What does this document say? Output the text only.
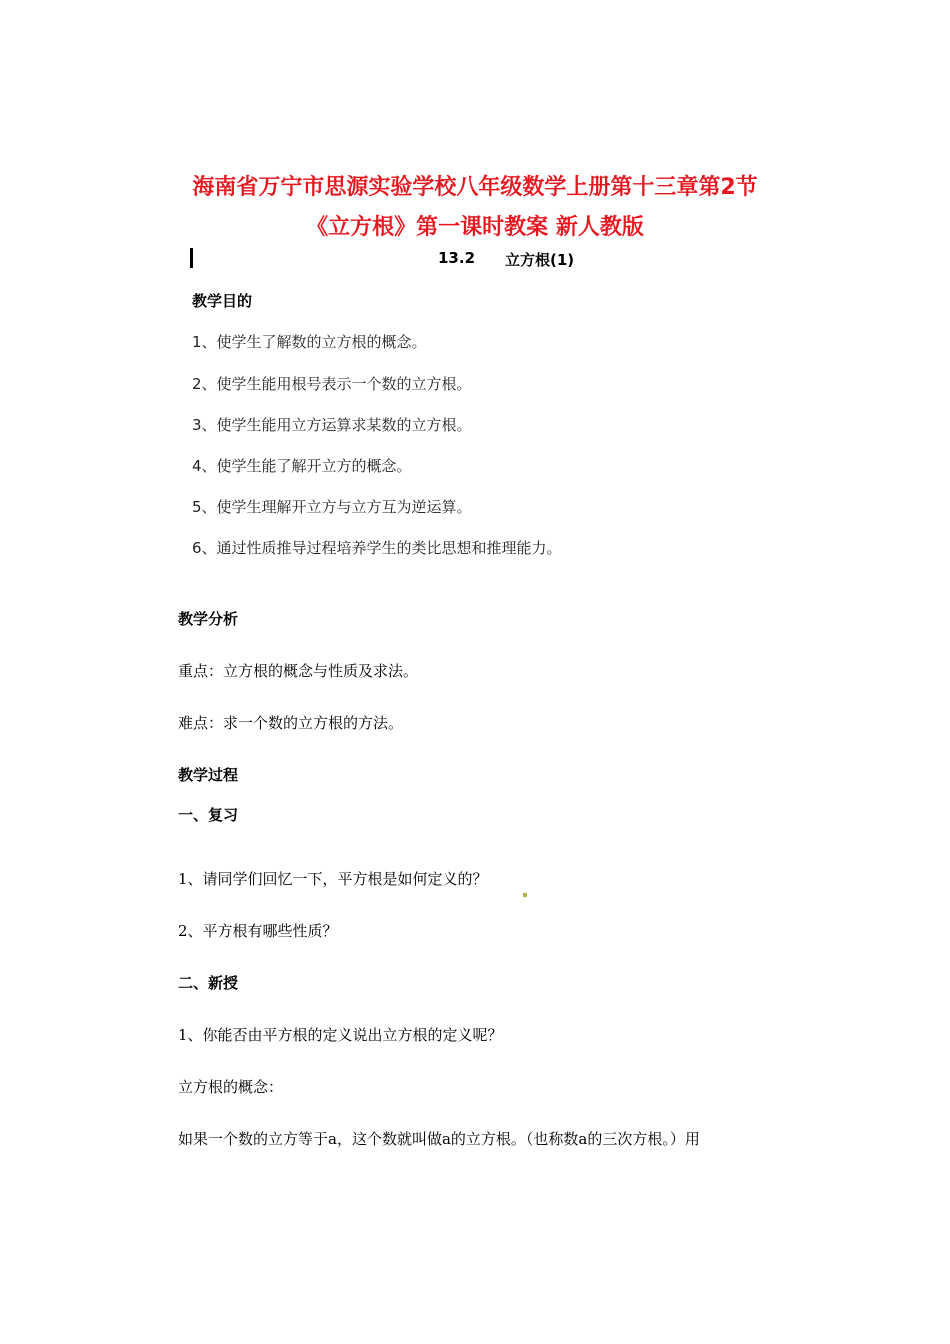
海南省万宁市思源实验学校八年级数学上册第十三章第2节
《立方根》第一课时教案 新人教版
13.2 立方根(1)
教学目的
1、使学生了解数的立方根的概念。
2、使学生能用根号表示一个数的立方根。
3、使学生能用立方运算求某数的立方根。
4、使学生能了解开立方的概念。
5、使学生理解开立方与立方互为逆运算。
6、通过性质推导过程培养学生的类比思想和推理能力。
教学分析
重点：立方根的概念与性质及求法。
难点：求一个数的立方根的方法。
教学过程
一、复习
1、请同学们回忆一下，平方根是如何定义的？
2、平方根有哪些性质？
二、新授
1、你能否由平方根的定义说出立方根的定义呢？
立方根的概念：
如果一个数的立方等于a，这个数就叫做a的立方根。（也称数a的三次方根。）用
